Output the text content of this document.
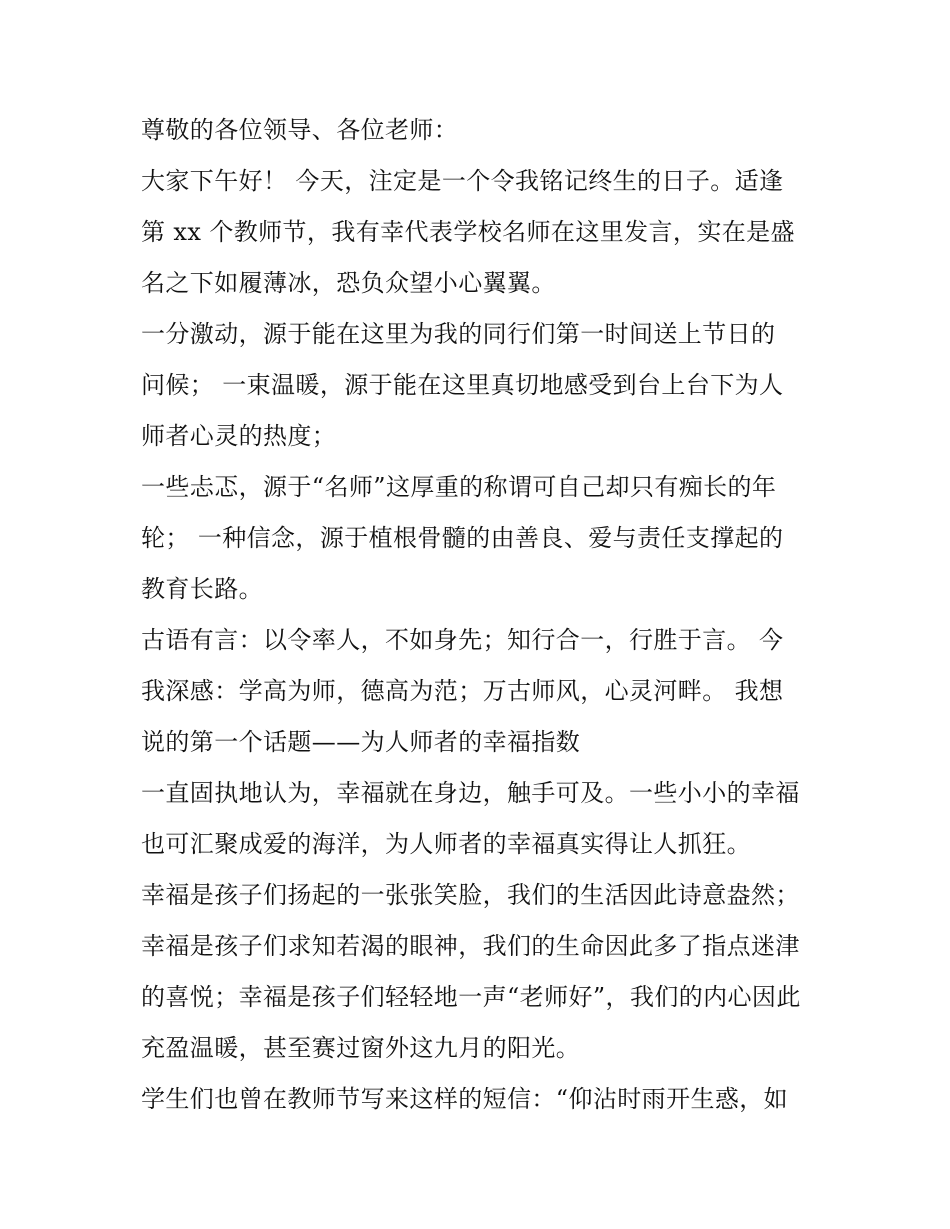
尊敬的各位领导、各位老师：
大家下午好！ 今天，注定是一个令我铭记终生的日子。适逢
第 xx 个教师节，我有幸代表学校名师在这里发言，实在是盛
名之下如履薄冰，恐负众望小心翼翼。
一分激动，源于能在这里为我的同行们第一时间送上节日的
问候； 一束温暖，源于能在这里真切地感受到台上台下为人
师者心灵的热度；
一些忐忑，源于“名师”这厚重的称谓可自己却只有痴长的年
轮； 一种信念，源于植根骨髓的由善良、爱与责任支撑起的
教育长路。
古语有言：以令率人，不如身先；知行合一，行胜于言。 今
我深感：学高为师，德高为范；万古师风，心灵河畔。 我想
说的第一个话题——为人师者的幸福指数
一直固执地认为，幸福就在身边，触手可及。一些小小的幸福
也可汇聚成爱的海洋，为人师者的幸福真实得让人抓狂。
幸福是孩子们扬起的一张张笑脸，我们的生活因此诗意盎然；
幸福是孩子们求知若渴的眼神，我们的生命因此多了指点迷津
的喜悦；幸福是孩子们轻轻地一声“老师好”，我们的内心因此
充盈温暖，甚至赛过窗外这九月的阳光。
学生们也曾在教师节写来这样的短信：“仰沾时雨开生惑，如
